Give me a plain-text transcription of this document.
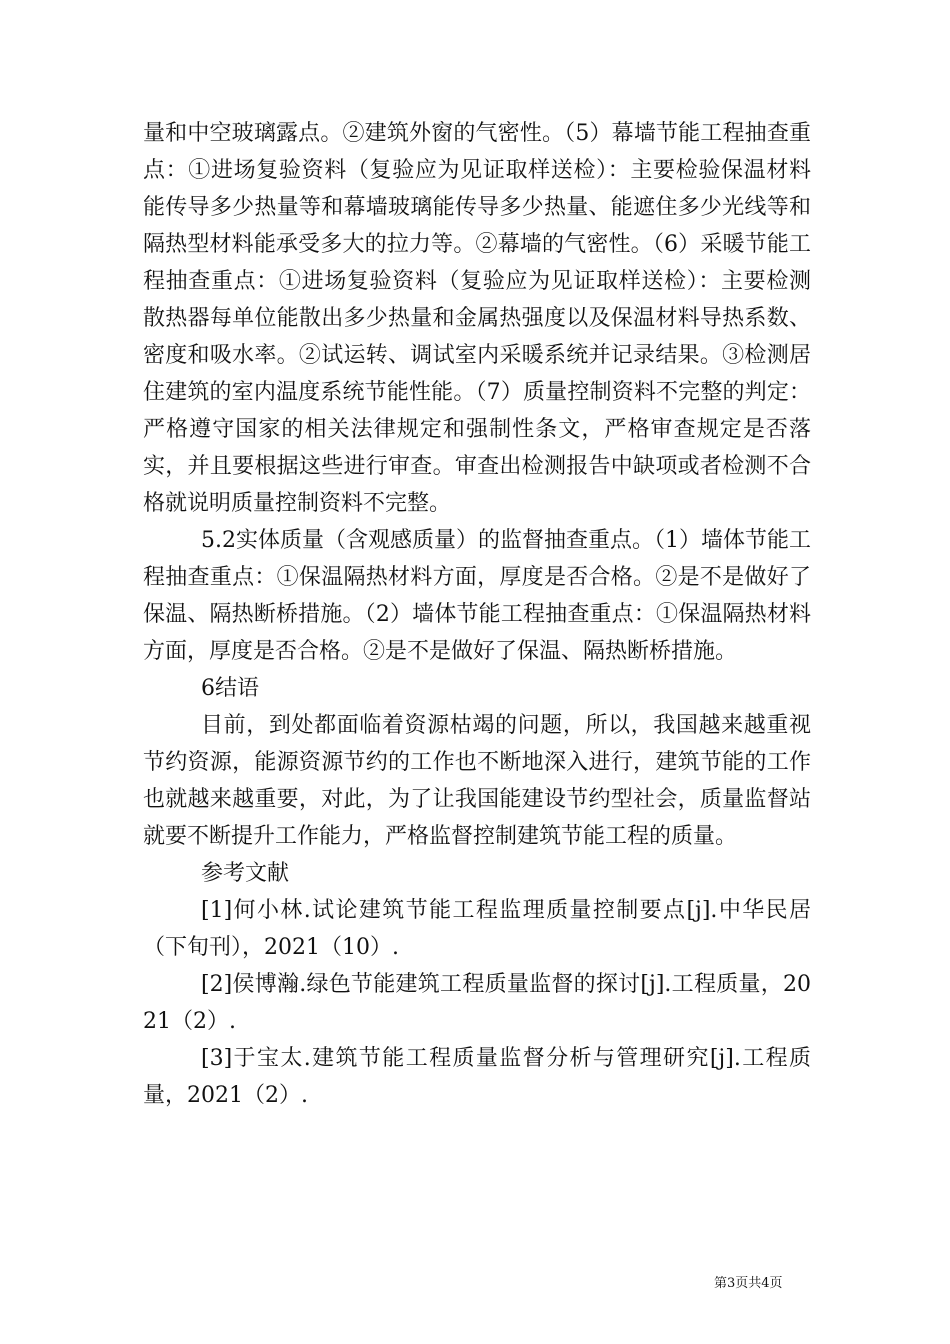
量和中空玻璃露点。②建筑外窗的气密性。（5）幕墙节能工程抽查重点：①进场复验资料（复验应为见证取样送检）：主要检验保温材料能传导多少热量等和幕墙玻璃能传导多少热量、能遮住多少光线等和隔热型材料能承受多大的拉力等。②幕墙的气密性。（6）采暖节能工程抽查重点：①进场复验资料（复验应为见证取样送检）：主要检测散热器每单位能散出多少热量和金属热强度以及保温材料导热系数、密度和吸水率。②试运转、调试室内采暖系统并记录结果。③检测居住建筑的室内温度系统节能性能。（7）质量控制资料不完整的判定：严格遵守国家的相关法律规定和强制性条文，严格审查规定是否落实，并且要根据这些进行审查。审查出检测报告中缺项或者检测不合格就说明质量控制资料不完整。

5.2实体质量（含观感质量）的监督抽查重点。（1）墙体节能工程抽查重点：①保温隔热材料方面，厚度是否合格。②是不是做好了保温、隔热断桥措施。（2）墙体节能工程抽查重点：①保温隔热材料方面，厚度是否合格。②是不是做好了保温、隔热断桥措施。

6结语

目前，到处都面临着资源枯竭的问题，所以，我国越来越重视节约资源，能源资源节约的工作也不断地深入进行，建筑节能的工作也就越来越重要，对此，为了让我国能建设节约型社会，质量监督站就要不断提升工作能力，严格监督控制建筑节能工程的质量。

参考文献

[1]何小林.试论建筑节能工程监理质量控制要点[j].中华民居（下旬刊），2021（10）.

[2]侯博瀚.绿色节能建筑工程质量监督的探讨[j].工程质量，2021（2）.

[3]于宝太.建筑节能工程质量监督分析与管理研究[j].工程质量，2021（2）.

第3页共4页
